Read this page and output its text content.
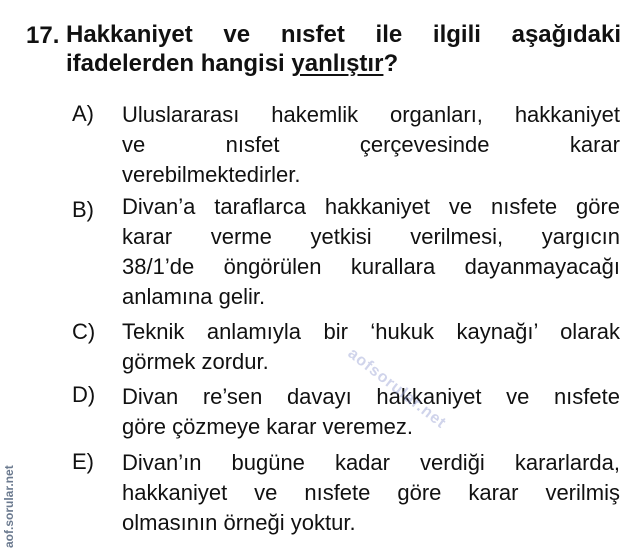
17. Hakkaniyet ve nısfet ile ilgili aşağıdaki
ifadelerden hangisi yanlıştır?
A) Uluslararası hakemlik organları, hakkaniyet
ve nısfet çerçevesinde karar
verebilmektedirler.
B) Divan’a taraflarca hakkaniyet ve nısfete göre
karar verme yetkisi verilmesi, yargıcın
38/1’de öngörülen kurallara dayanmayacağı
anlamına gelir.
C) Teknik anlamıyla bir ‘hukuk kaynağı’ olarak
görmek zordur.
D) Divan re’sen davayı hakkaniyet ve nısfete
göre çözmeye karar veremez.
E) Divan’ın bugüne kadar verdiği kararlarda,
hakkaniyet ve nısfete göre karar verilmiş
olmasının örneği yoktur.
aofsorular.net
aof.sorular.net
